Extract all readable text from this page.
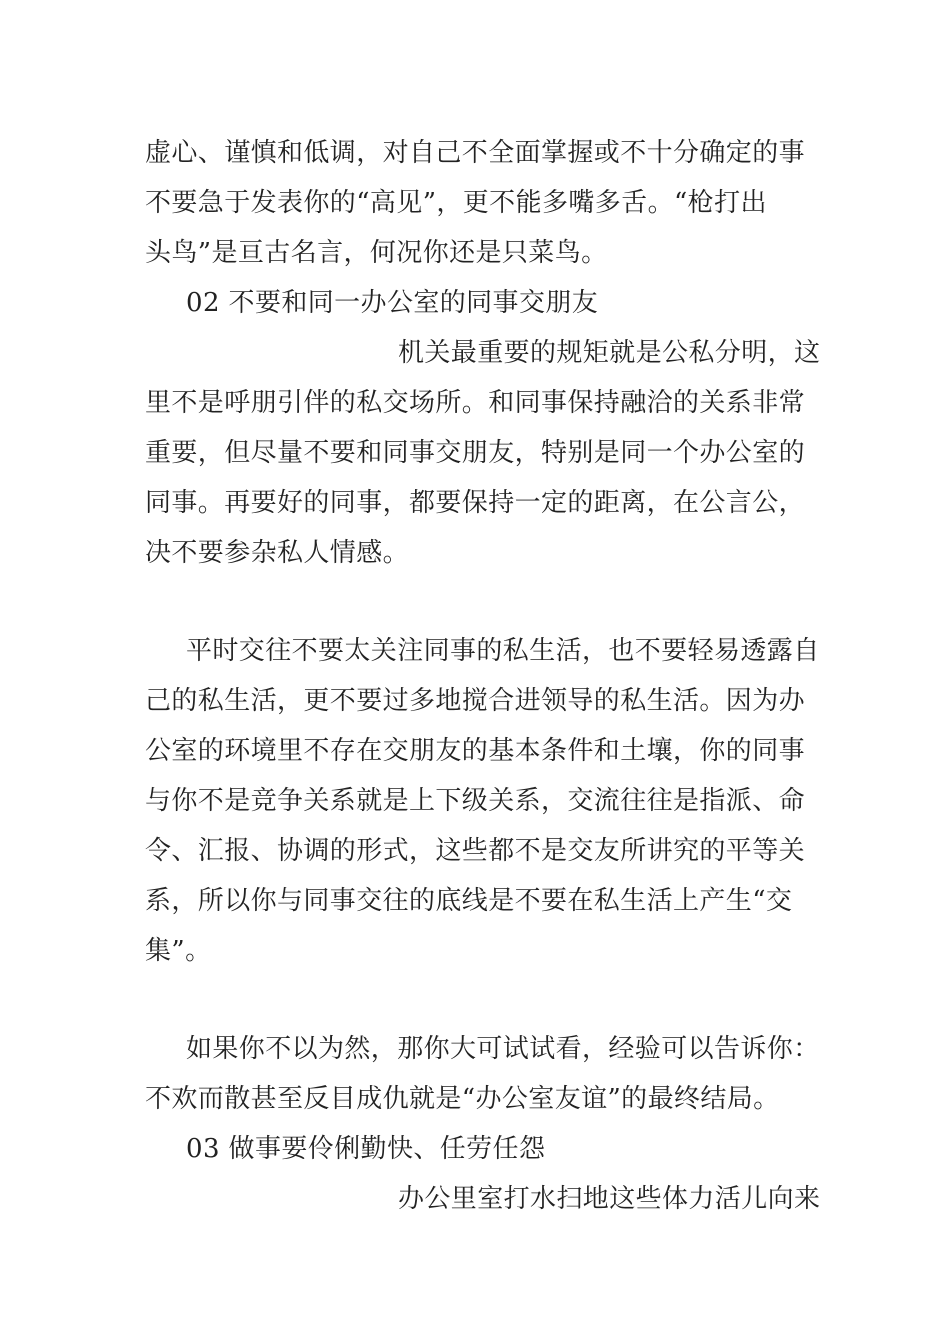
虚心、谨慎和低调，对自己不全面掌握或不十分确定的事
不要急于发表你的“高见”，更不能多嘴多舌。“枪打出
头鸟”是亘古名言，何况你还是只菜鸟。
02 不要和同一办公室的同事交朋友
机关最重要的规矩就是公私分明，这
里不是呼朋引伴的私交场所。和同事保持融洽的关系非常
重要，但尽量不要和同事交朋友，特别是同一个办公室的
同事。再要好的同事，都要保持一定的距离，在公言公，
决不要参杂私人情感。
平时交往不要太关注同事的私生活，也不要轻易透露自
己的私生活，更不要过多地搅合进领导的私生活。因为办
公室的环境里不存在交朋友的基本条件和土壤，你的同事
与你不是竞争关系就是上下级关系，交流往往是指派、命
令、汇报、协调的形式，这些都不是交友所讲究的平等关
系，所以你与同事交往的底线是不要在私生活上产生“交
集”。
如果你不以为然，那你大可试试看，经验可以告诉你：
不欢而散甚至反目成仇就是“办公室友谊”的最终结局。
03 做事要伶俐勤快、任劳任怨
办公里室打水扫地这些体力活儿向来
